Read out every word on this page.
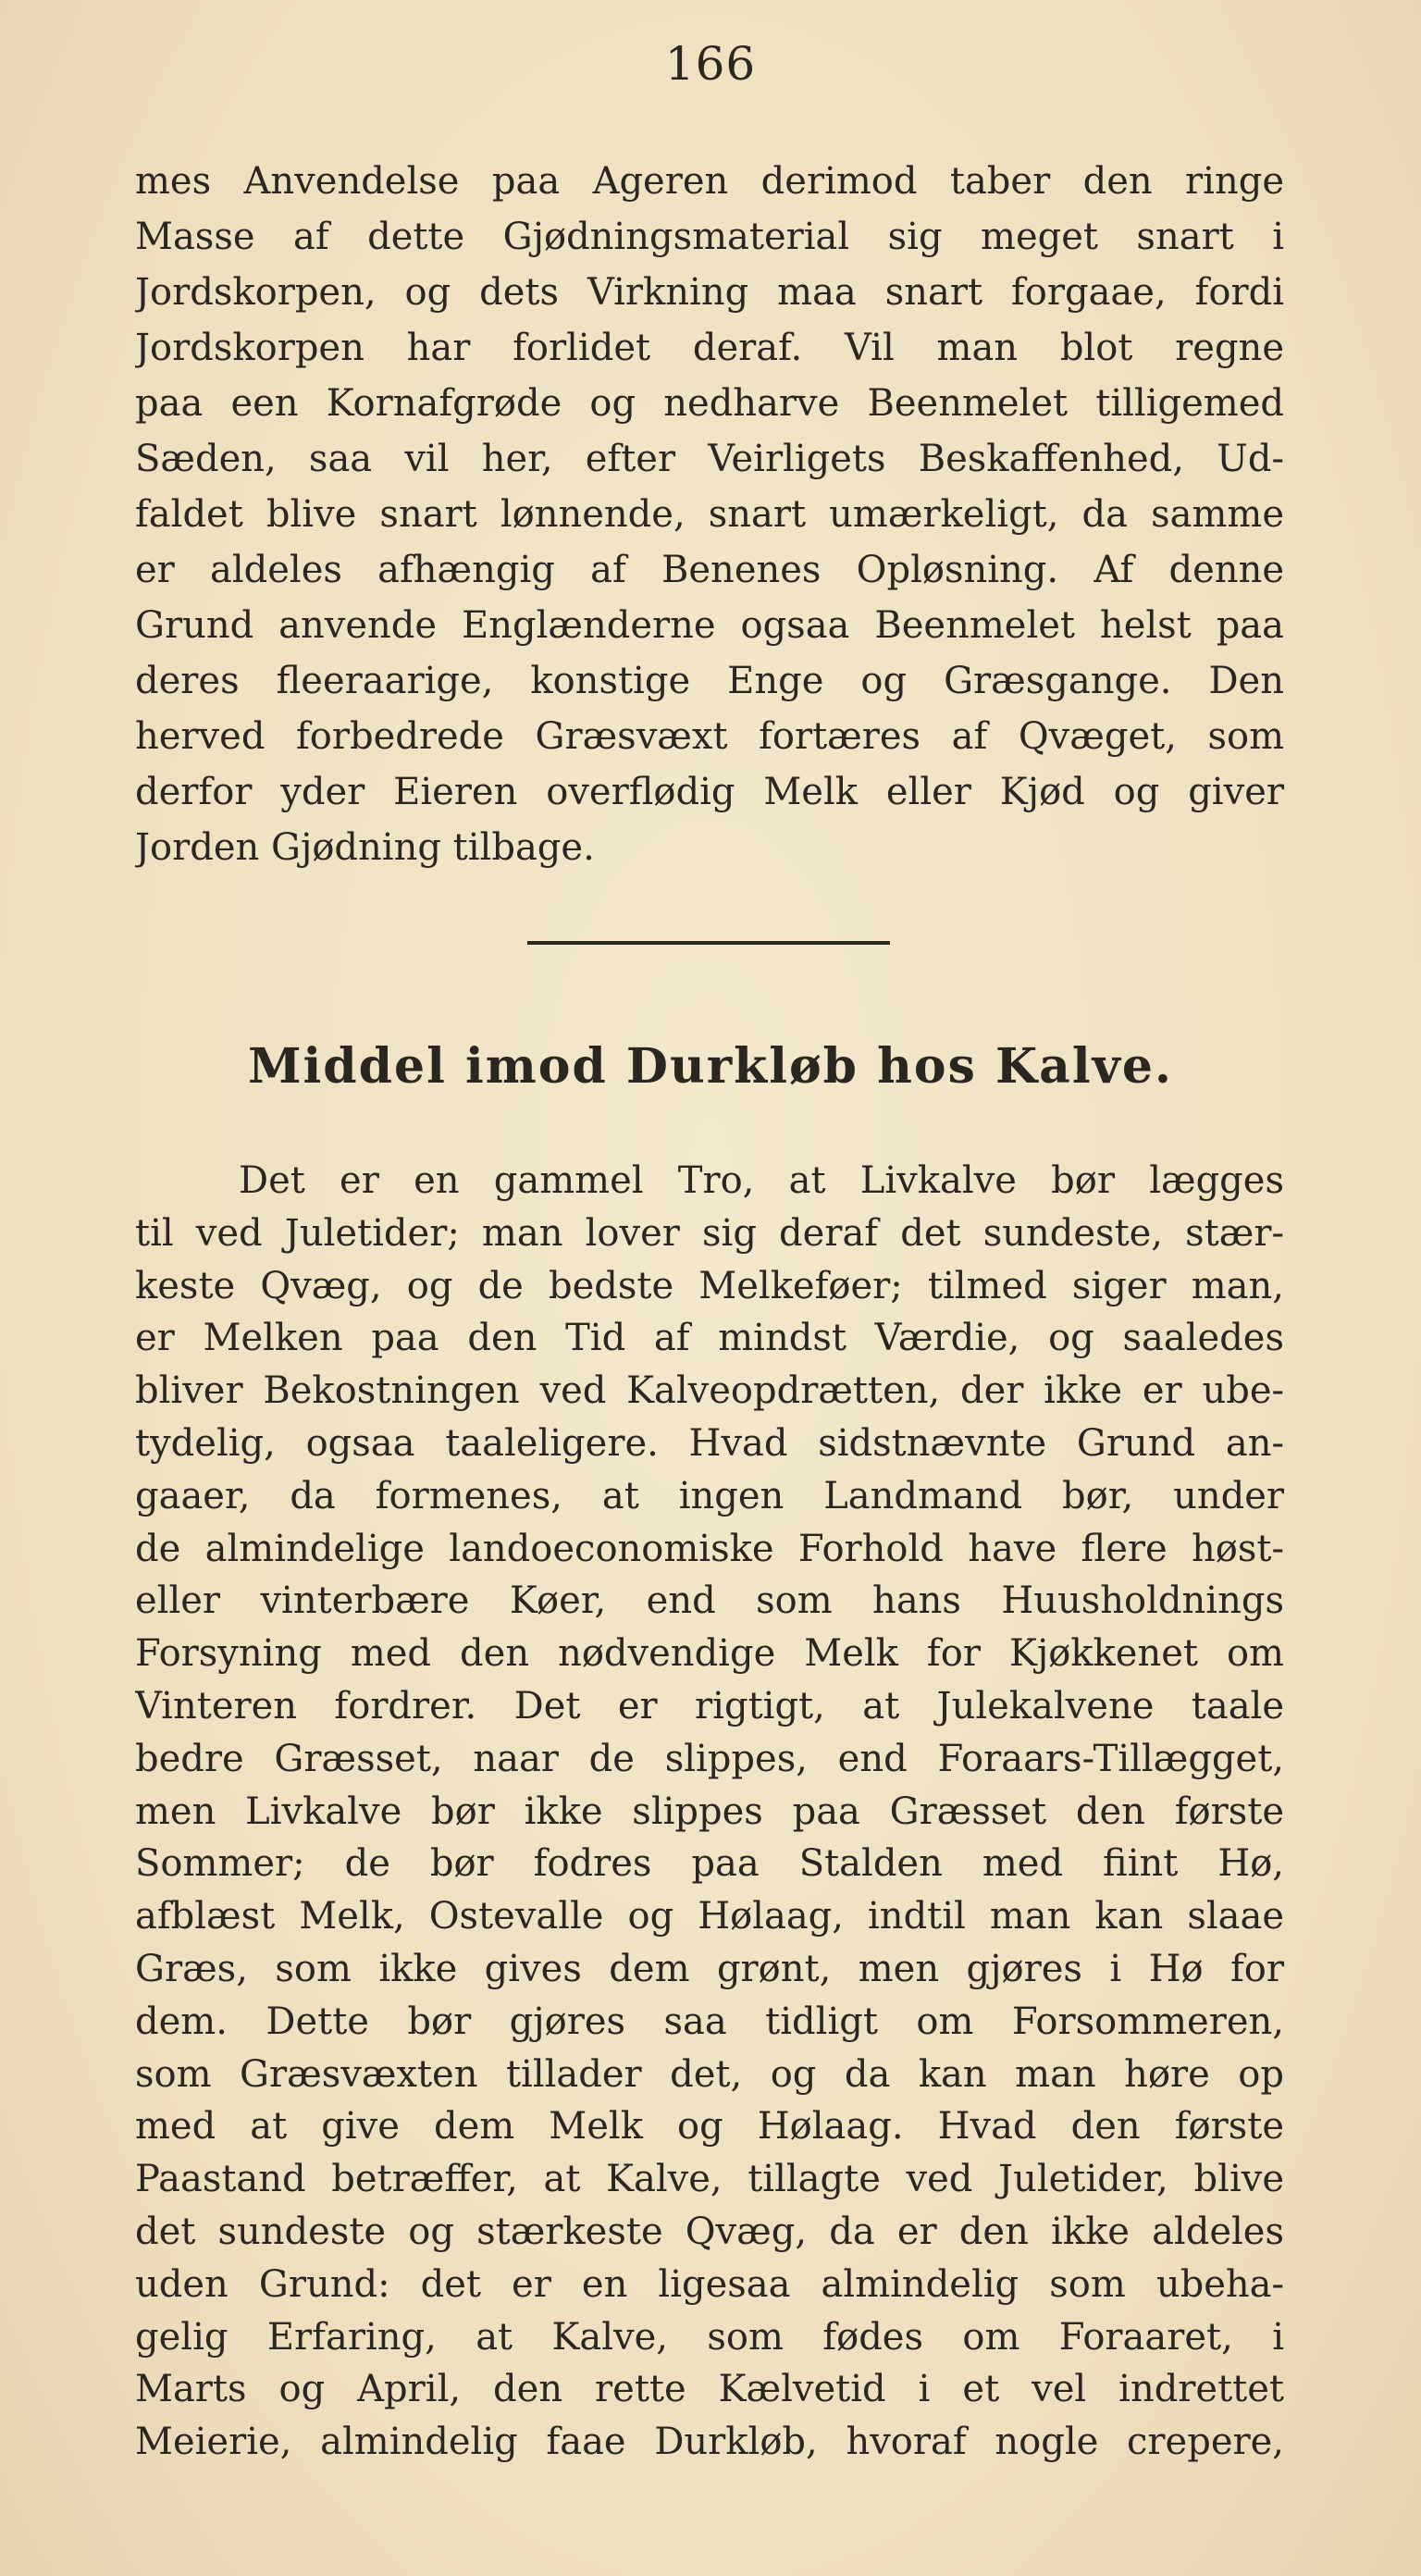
166
mes Anvendelse paa Ageren derimod taber den ringe
Masse af dette Gjødningsmaterial sig meget snart i
Jordskorpen, og dets Virkning maa snart forgaae, fordi
Jordskorpen har forlidet deraf. Vil man blot regne
paa een Kornafgrøde og nedharve Beenmelet tilligemed
Sæden, saa vil her, efter Veirligets Beskaffenhed, Ud-
faldet blive snart lønnende, snart umærkeligt, da samme
er aldeles afhængig af Benenes Opløsning. Af denne
Grund anvende Englænderne ogsaa Beenmelet helst paa
deres fleeraarige, konstige Enge og Græsgange. Den
herved forbedrede Græsvæxt fortæres af Qvæget, som
derfor yder Eieren overflødig Melk eller Kjød og giver
Jorden Gjødning tilbage.
Middel imod Durkløb hos Kalve.
Det er en gammel Tro, at Livkalve bør lægges
til ved Juletider; man lover sig deraf det sundeste, stær-
keste Qvæg, og de bedste Melkeføer; tilmed siger man,
er Melken paa den Tid af mindst Værdie, og saaledes
bliver Bekostningen ved Kalveopdrætten, der ikke er ube-
tydelig, ogsaa taaleligere. Hvad sidstnævnte Grund an-
gaaer, da formenes, at ingen Landmand bør, under
de almindelige landoeconomiske Forhold have flere høst-
eller vinterbære Køer, end som hans Huusholdnings
Forsyning med den nødvendige Melk for Kjøkkenet om
Vinteren fordrer. Det er rigtigt, at Julekalvene taale
bedre Græsset, naar de slippes, end Foraars-Tillægget,
men Livkalve bør ikke slippes paa Græsset den første
Sommer; de bør fodres paa Stalden med fiint Hø,
afblæst Melk, Ostevalle og Hølaag, indtil man kan slaae
Græs, som ikke gives dem grønt, men gjøres i Hø for
dem. Dette bør gjøres saa tidligt om Forsommeren,
som Græsvæxten tillader det, og da kan man høre op
med at give dem Melk og Hølaag. Hvad den første
Paastand betræffer, at Kalve, tillagte ved Juletider, blive
det sundeste og stærkeste Qvæg, da er den ikke aldeles
uden Grund: det er en ligesaa almindelig som ubeha-
gelig Erfaring, at Kalve, som fødes om Foraaret, i
Marts og April, den rette Kælvetid i et vel indrettet
Meierie, almindelig faae Durkløb, hvoraf nogle crepere,
